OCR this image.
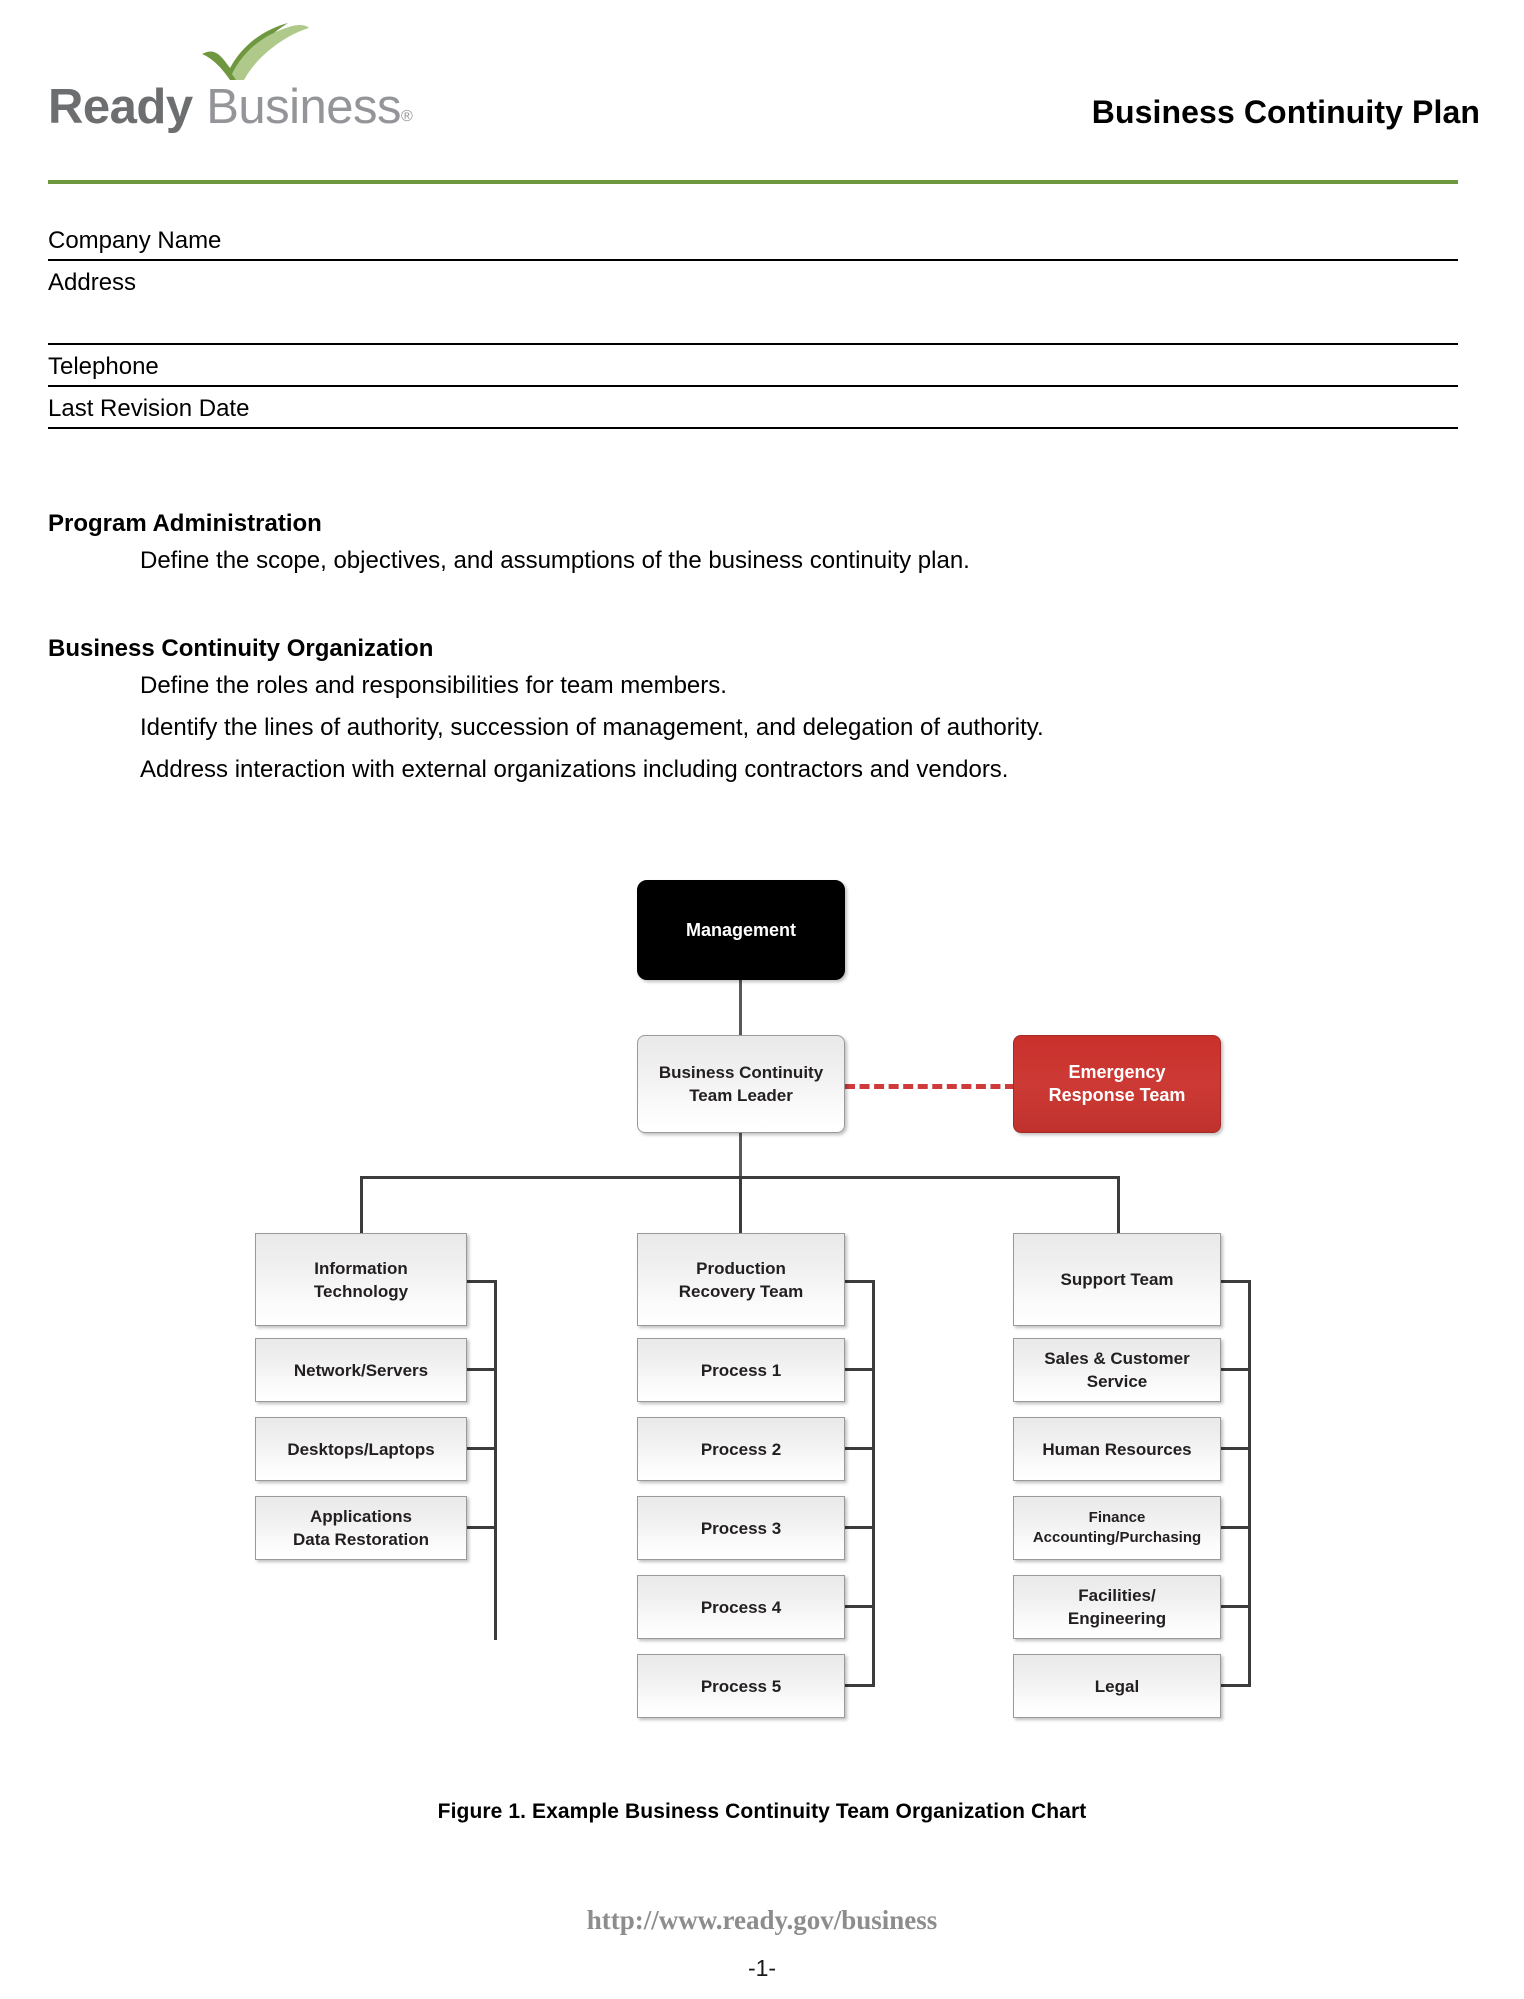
Ready Business®	Business Continuity Plan
Company Name
Address
Telephone
Last Revision Date
Program Administration
Define the scope, objectives, and assumptions of the business continuity plan.
Business Continuity Organization
Define the roles and responsibilities for team members.
Identify the lines of authority, succession of management, and delegation of authority.
Address interaction with external organizations including contractors and vendors.
Management
Business Continuity
Team Leader
Emergency
Response Team
Information
Technology
Network/Servers
Desktops/Laptops
Applications
Data Restoration
Production
Recovery Team
Process 1
Process 2
Process 3
Process 4
Process 5
Support Team
Sales & Customer
Service
Human Resources
Finance
Accounting/Purchasing
Facilities/
Engineering
Legal
Figure 1. Example Business Continuity Team Organization Chart
http://www.ready.gov/business
-1-
